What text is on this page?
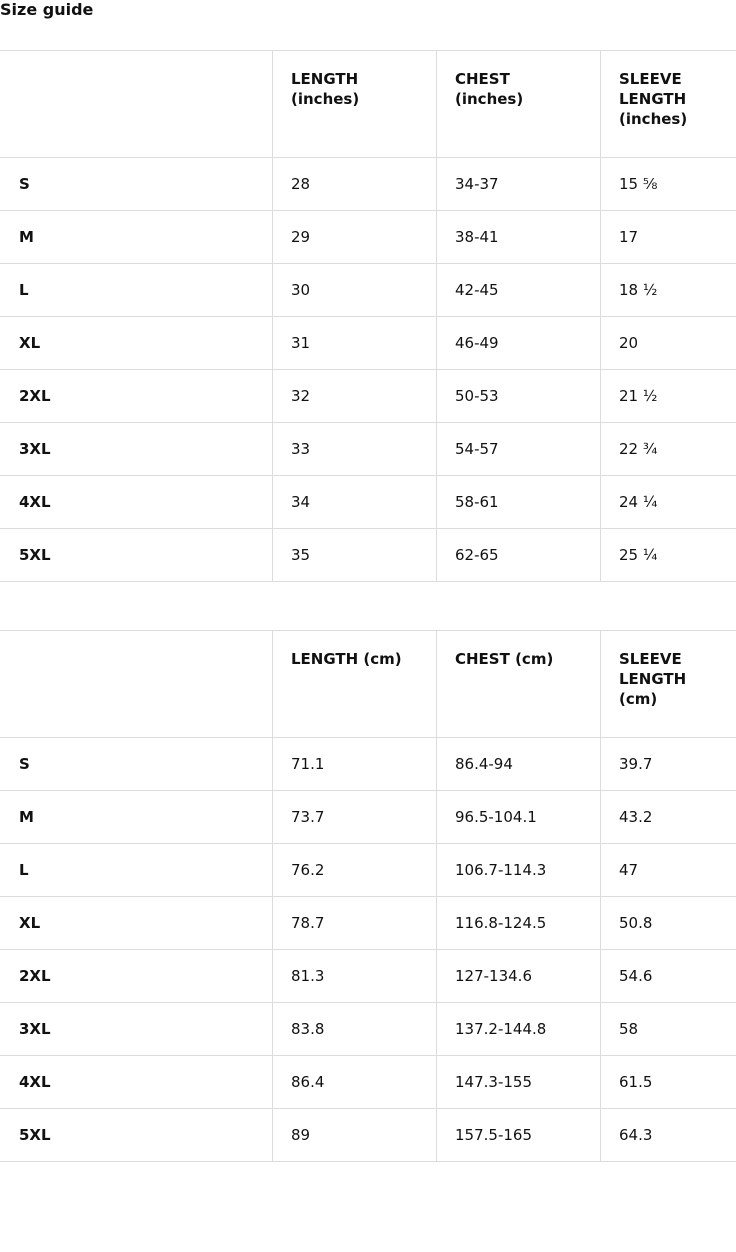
Size guide
	LENGTH (inches)	CHEST (inches)	SLEEVE LENGTH (inches)
S	28	34-37	15 ⅝
M	29	38-41	17
L	30	42-45	18 ½
XL	31	46-49	20
2XL	32	50-53	21 ½
3XL	33	54-57	22 ¾
4XL	34	58-61	24 ¼
5XL	35	62-65	25 ¼
	LENGTH (cm)	CHEST (cm)	SLEEVE LENGTH (cm)
S	71.1	86.4-94	39.7
M	73.7	96.5-104.1	43.2
L	76.2	106.7-114.3	47
XL	78.7	116.8-124.5	50.8
2XL	81.3	127-134.6	54.6
3XL	83.8	137.2-144.8	58
4XL	86.4	147.3-155	61.5
5XL	89	157.5-165	64.3
